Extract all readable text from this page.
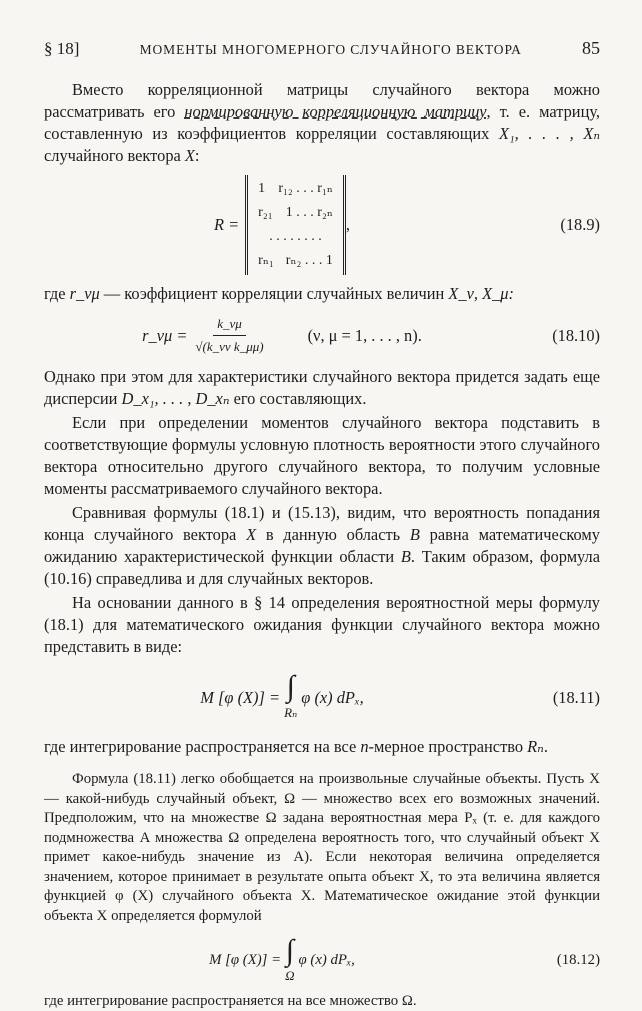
§ 18]	МОМЕНТЫ МНОГОМЕРНОГО СЛУЧАЙНОГО ВЕКТОРА	85

Вместо корреляционной матрицы случайного вектора можно рассматривать его нормированную корреляционную матрицу, т. е. матрицу, составленную из коэффициентов корреляции составляющих X₁, . . . , Xₙ случайного вектора X:

R =
1 r₁₂ . . . r₁ₙ
r₂₁ 1 . . . r₂ₙ
. . . . . . . .
rₙ₁ rₙ₂ . . . 1
,	(18.9)

где r_νμ — коэффициент корреляции случайных величин X_ν, X_μ:

r_νμ = $\frac{k\_\nu\mu}{\text{√(k\_νν k\_μμ)}} (\nu$, μ = 1, . . . , n).	(18.10)

Однако при этом для характеристики случайного вектора придется задать еще дисперсии D_x₁, . . . , D_xₙ его составляющих.

Если при определении моментов случайного вектора подставить в соответствующие формулы условную плотность вероятности этого случайного вектора относительно другого случайного вектора, то получим условные моменты рассматриваемого случайного вектора.

Сравнивая формулы (18.1) и (15.13), видим, что вероятность попадания конца случайного вектора X в данную область B равна математическому ожиданию характеристической функции области B. Таким образом, формула (10.16) справедлива и для случайных векторов.

На основании данного в § 14 определения вероятностной меры формулу (18.1) для математического ожидания функции случайного вектора можно представить в виде:

M [φ (X)] = ∫
Rₙ
φ (x) dPₓ,	(18.11)

где интегрирование распространяется на все n-мерное пространство Rₙ.

Формула (18.11) легко обобщается на произвольные случайные объекты. Пусть X — какой-нибудь случайный объект, Ω — множество всех его возможных значений. Предположим, что на множестве Ω задана вероятностная мера Pₓ (т. е. для каждого подмножества A множества Ω определена вероятность того, что случайный объект X примет какое-нибудь значение из A). Если некоторая величина определяется значением, которое принимает в результате опыта объект X, то эта величина является функцией φ (X) случайного объекта X. Математическое ожидание этой функции объекта X определяется формулой

M [φ (X)] = ∫
Ω
φ (x) dPₓ,	(18.12)

где интегрирование распространяется на все множество Ω.
